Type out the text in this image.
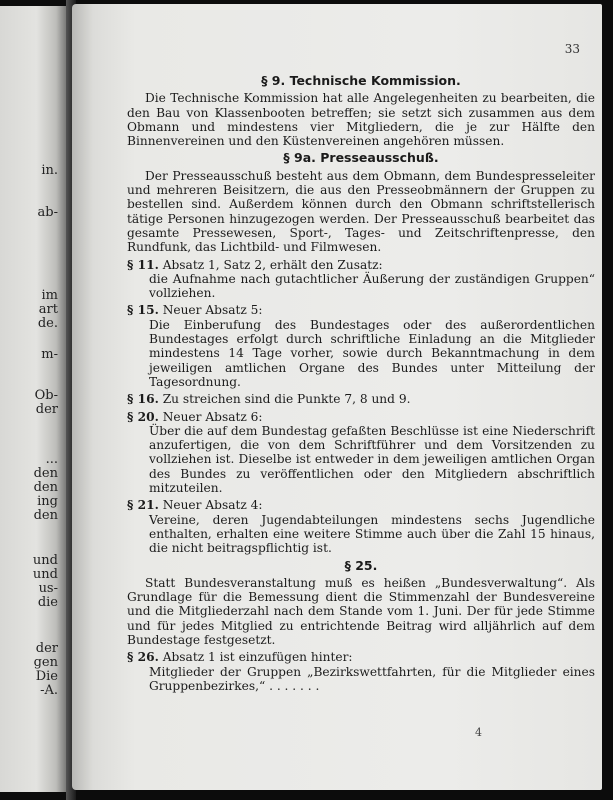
in.
ab-
im
art
de.
m-
Ob-
der
...
den
den
ing
den
und
und
us-
die
der
gen
Die
-A.
33
§ 9. Technische Kommission.

Die Technische Kommission hat alle Angelegenheiten zu bearbeiten, die den Bau von Klassenbooten betreffen; sie setzt sich zusammen aus dem Obmann und mindestens vier Mitgliedern, die je zur Hälfte den Binnenvereinen und den Küstenvereinen angehören müssen.

§ 9a. Presseausschuß.

Der Presseausschuß besteht aus dem Obmann, dem Bundespresseleiter und mehreren Beisitzern, die aus den Presseobmännern der Gruppen zu bestellen sind. Außerdem können durch den Obmann schriftstellerisch tätige Personen hinzugezogen werden. Der Presseausschuß bearbeitet das gesamte Pressewesen, Sport-, Tages- und Zeitschriftenpresse, den Rundfunk, das Lichtbild- und Filmwesen.

§ 11. Absatz 1, Satz 2, erhält den Zusatz:
die Aufnahme nach gutachtlicher Äußerung der zuständigen Gruppen“ vollziehen.
§ 15. Neuer Absatz 5:
Die Einberufung des Bundestages oder des außerordentlichen Bundestages erfolgt durch schriftliche Einladung an die Mitglieder mindestens 14 Tage vorher, sowie durch Bekanntmachung in dem jeweiligen amtlichen Organe des Bundes unter Mitteilung der Tagesordnung.
§ 16. Zu streichen sind die Punkte 7, 8 und 9.
§ 20. Neuer Absatz 6:
Über die auf dem Bundestag gefaßten Beschlüsse ist eine Niederschrift anzufertigen, die von dem Schriftführer und dem Vorsitzenden zu vollziehen ist. Dieselbe ist entweder in dem jeweiligen amtlichen Organ des Bundes zu veröffentlichen oder den Mitgliedern abschriftlich mitzuteilen.
§ 21. Neuer Absatz 4:
Vereine, deren Jugendabteilungen mindestens sechs Jugendliche enthalten, erhalten eine weitere Stimme auch über die Zahl 15 hinaus, die nicht beitragspflichtig ist.
§ 25.

Statt Bundesveranstaltung muß es heißen „Bundesverwaltung“. Als Grundlage für die Bemessung dient die Stimmenzahl der Bundesvereine und die Mitgliederzahl nach dem Stande vom 1. Juni. Der für jede Stimme und für jedes Mitglied zu entrichtende Beitrag wird alljährlich auf dem Bundestage festgesetzt.

§ 26. Absatz 1 ist einzufügen hinter:
Mitglieder der Gruppen „Bezirkswettfahrten, für die Mitglieder eines Gruppenbezirkes,“ . . . . . . .
4
